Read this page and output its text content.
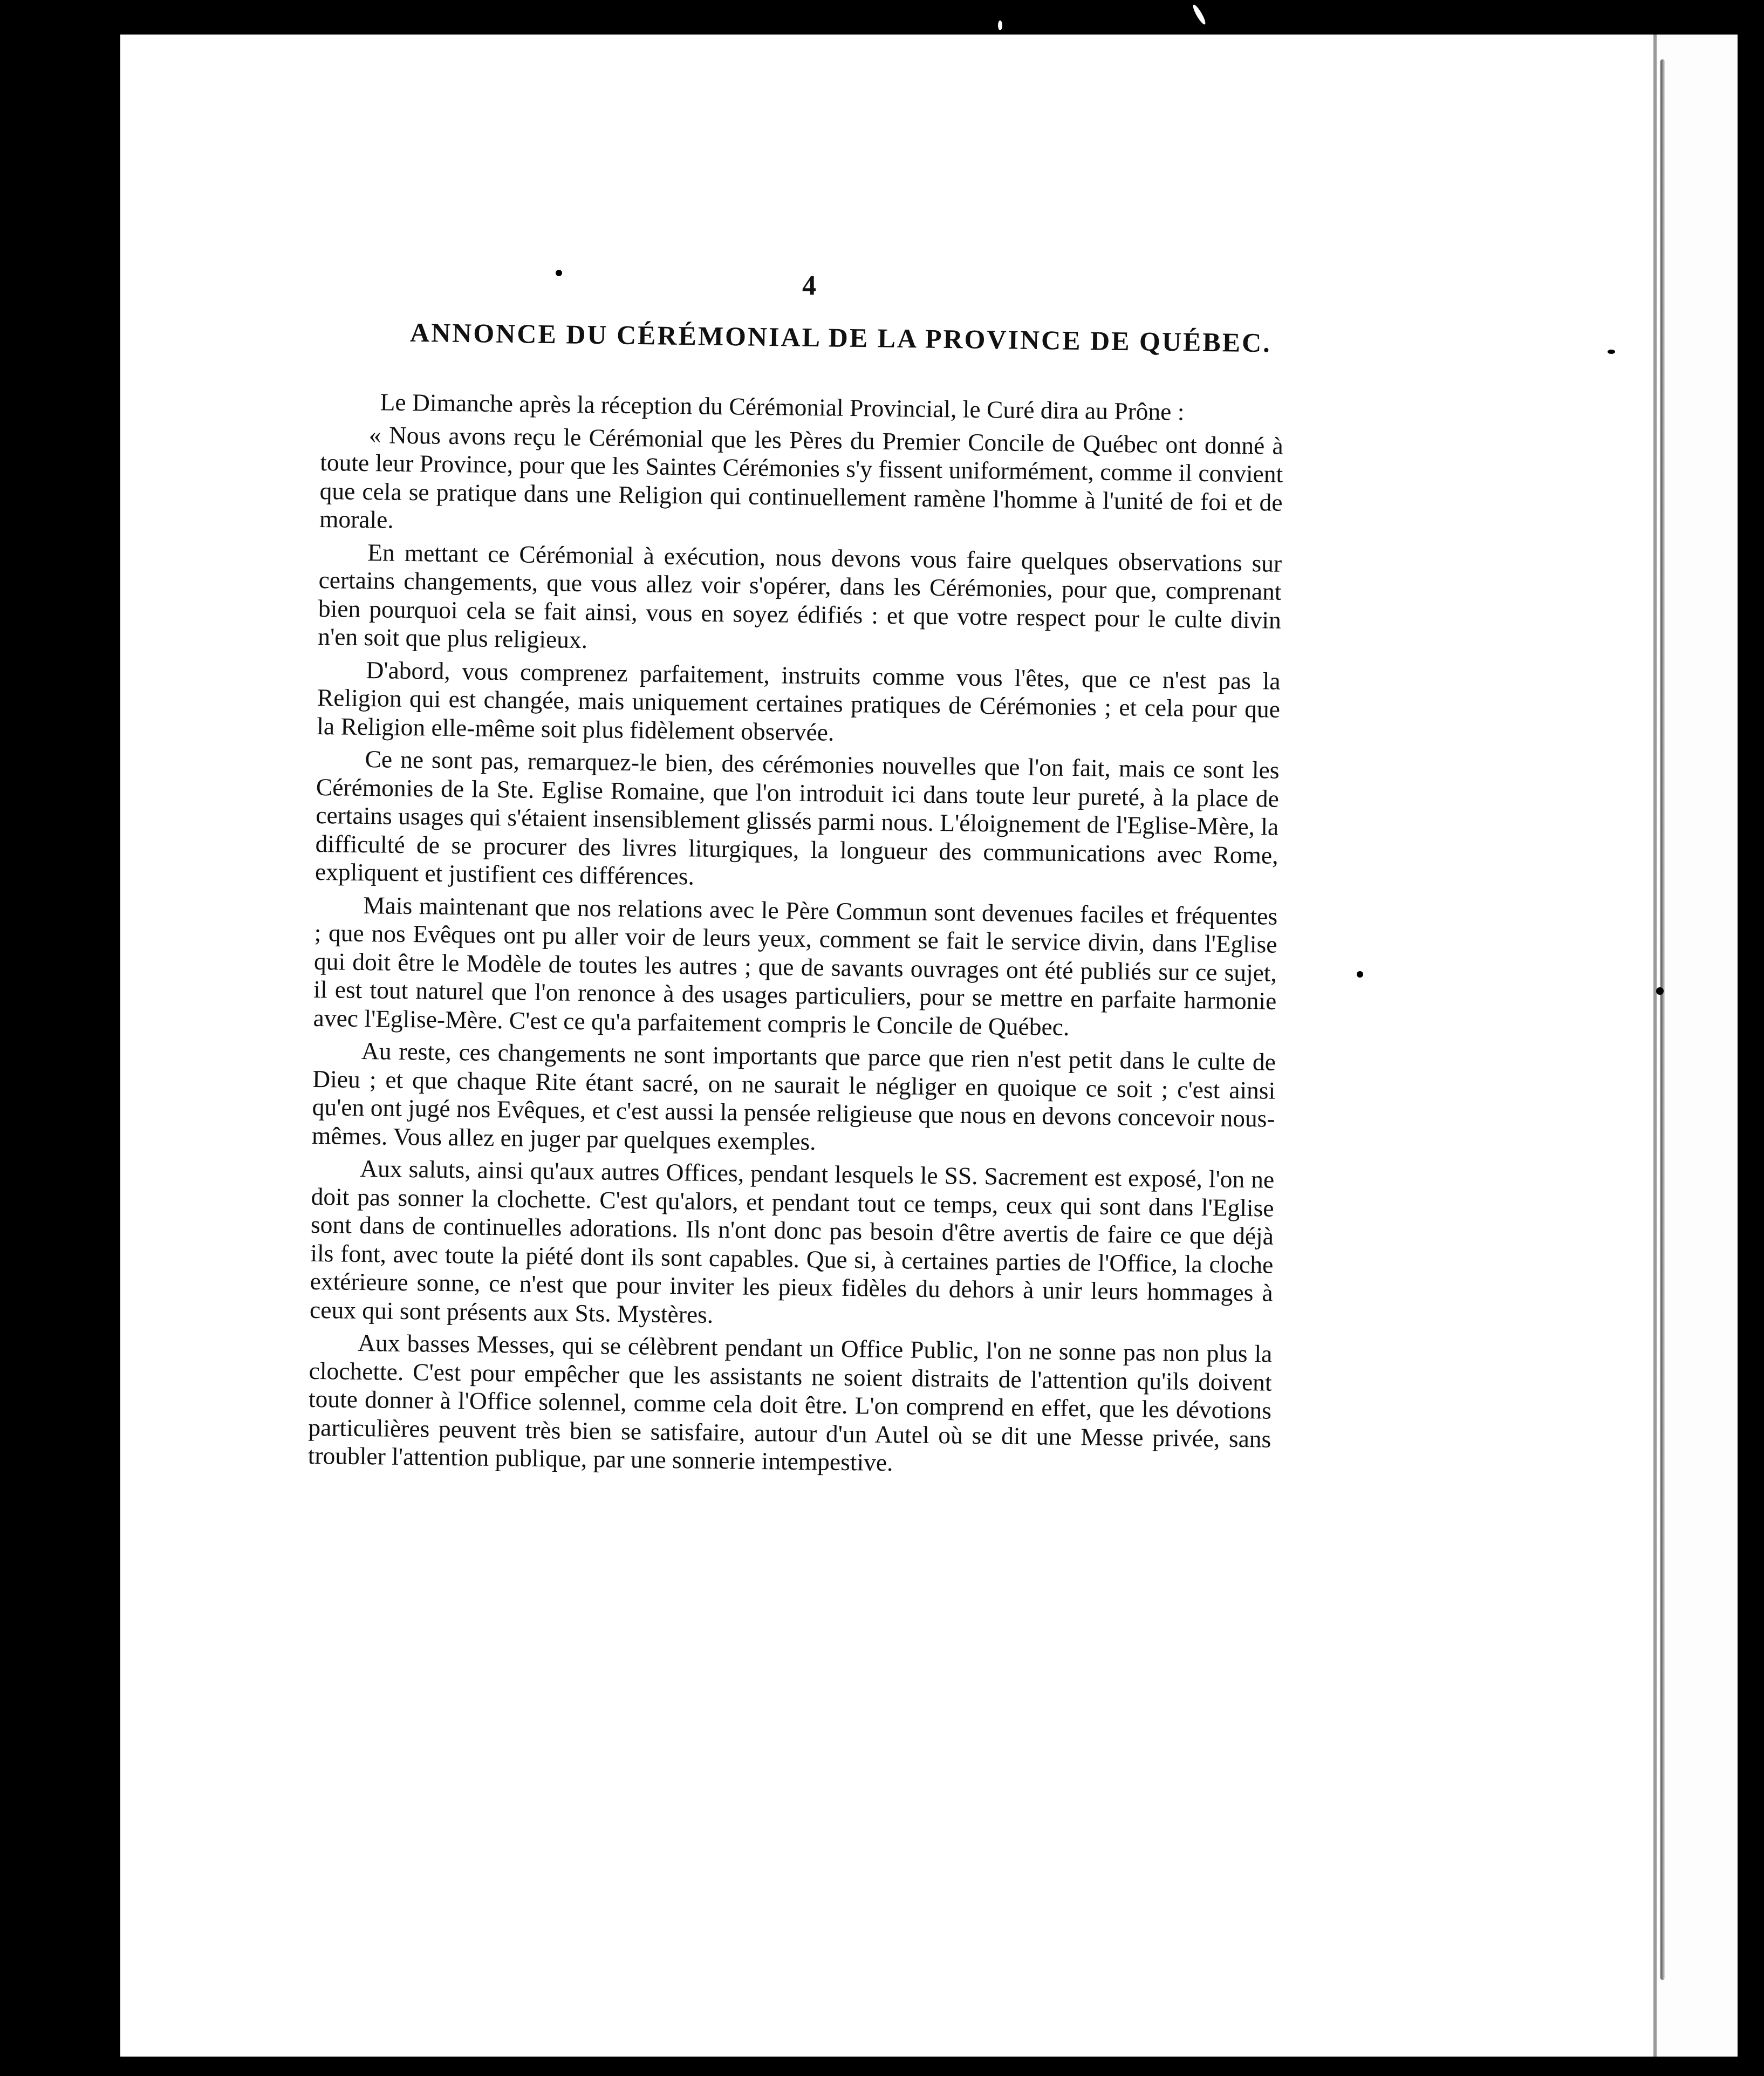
4
ANNONCE DU CÉRÉMONIAL DE LA PROVINCE DE QUÉBEC.

Le Dimanche après la réception du Cérémonial Provincial, le Curé dira au Prône :

« Nous avons reçu le Cérémonial que les Pères du Premier Concile de Québec ont donné à toute leur Province, pour que les Saintes Cérémonies s'y fissent uniformément, comme il convient que cela se pratique dans une Religion qui continuellement ramène l'homme à l'unité de foi et de morale.

En mettant ce Cérémonial à exécution, nous devons vous faire quelques observations sur certains changements, que vous allez voir s'opérer, dans les Cérémonies, pour que, comprenant bien pourquoi cela se fait ainsi, vous en soyez édifiés : et que votre respect pour le culte divin n'en soit que plus religieux.

D'abord, vous comprenez parfaitement, instruits comme vous l'êtes, que ce n'est pas la Religion qui est changée, mais uniquement certaines pratiques de Cérémonies ; et cela pour que la Religion elle-même soit plus fidèlement observée.

Ce ne sont pas, remarquez-le bien, des cérémonies nouvelles que l'on fait, mais ce sont les Cérémonies de la Ste. Eglise Romaine, que l'on introduit ici dans toute leur pureté, à la place de certains usages qui s'étaient insensiblement glissés parmi nous. L'éloignement de l'Eglise-Mère, la difficulté de se procurer des livres liturgiques, la longueur des communications avec Rome, expliquent et justifient ces différences.

Mais maintenant que nos relations avec le Père Commun sont devenues faciles et fréquentes ; que nos Evêques ont pu aller voir de leurs yeux, comment se fait le service divin, dans l'Eglise qui doit être le Modèle de toutes les autres ; que de savants ouvrages ont été publiés sur ce sujet, il est tout naturel que l'on renonce à des usages particuliers, pour se mettre en parfaite harmonie avec l'Eglise-Mère. C'est ce qu'a parfaitement compris le Concile de Québec.

Au reste, ces changements ne sont importants que parce que rien n'est petit dans le culte de Dieu ; et que chaque Rite étant sacré, on ne saurait le négliger en quoique ce soit ; c'est ainsi qu'en ont jugé nos Evêques, et c'est aussi la pensée religieuse que nous en devons concevoir nous-mêmes. Vous allez en juger par quelques exemples.

Aux saluts, ainsi qu'aux autres Offices, pendant lesquels le SS. Sacrement est exposé, l'on ne doit pas sonner la clochette. C'est qu'alors, et pendant tout ce temps, ceux qui sont dans l'Eglise sont dans de continuelles adorations. Ils n'ont donc pas besoin d'être avertis de faire ce que déjà ils font, avec toute la piété dont ils sont capables. Que si, à certaines parties de l'Office, la cloche extérieure sonne, ce n'est que pour inviter les pieux fidèles du dehors à unir leurs hommages à ceux qui sont présents aux Sts. Mystères.

Aux basses Messes, qui se célèbrent pendant un Office Public, l'on ne sonne pas non plus la clochette. C'est pour empêcher que les assistants ne soient distraits de l'attention qu'ils doivent toute donner à l'Office solennel, comme cela doit être. L'on comprend en effet, que les dévotions particulières peuvent très bien se satisfaire, autour d'un Autel où se dit une Messe privée, sans troubler l'attention publique, par une sonnerie intempestive.
